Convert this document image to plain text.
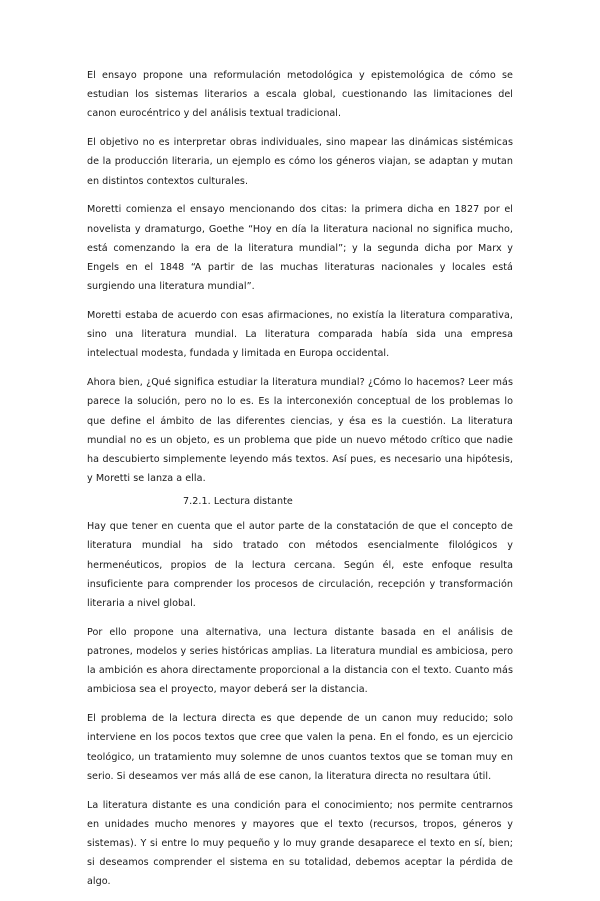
El ensayo propone una reformulación metodológica y epistemológica de cómo se estudian los sistemas literarios a escala global, cuestionando las limitaciones del canon eurocéntrico y del análisis textual tradicional.

El objetivo no es interpretar obras individuales, sino mapear las dinámicas sistémicas de la producción literaria, un ejemplo es cómo los géneros viajan, se adaptan y mutan en distintos contextos culturales.

Moretti comienza el ensayo mencionando dos citas: la primera dicha en 1827 por el novelista y dramaturgo, Goethe “Hoy en día la literatura nacional no significa mucho, está comenzando la era de la literatura mundial”; y la segunda dicha por Marx y Engels en el 1848 “A partir de las muchas literaturas nacionales y locales está surgiendo una literatura mundial”.

Moretti estaba de acuerdo con esas afirmaciones, no existía la literatura comparativa, sino una literatura mundial. La literatura comparada había sida una empresa intelectual modesta, fundada y limitada en Europa occidental.

Ahora bien, ¿Qué significa estudiar la literatura mundial? ¿Cómo lo hacemos? Leer más parece la solución, pero no lo es. Es la interconexión conceptual de los problemas lo que define el ámbito de las diferentes ciencias, y ésa es la cuestión. La literatura mundial no es un objeto, es un problema que pide un nuevo método crítico que nadie ha descubierto simplemente leyendo más textos. Así pues, es necesario una hipótesis, y Moretti se lanza a ella.

7.2.1. Lectura distante

Hay que tener en cuenta que el autor parte de la constatación de que el concepto de literatura mundial ha sido tratado con métodos esencialmente filológicos y hermenéuticos, propios de la lectura cercana. Según él, este enfoque resulta insuficiente para comprender los procesos de circulación, recepción y transformación literaria a nivel global.

Por ello propone una alternativa, una lectura distante basada en el análisis de patrones, modelos y series históricas amplias. La literatura mundial es ambiciosa, pero la ambición es ahora directamente proporcional a la distancia con el texto. Cuanto más ambiciosa sea el proyecto, mayor deberá ser la distancia.

El problema de la lectura directa es que depende de un canon muy reducido; solo interviene en los pocos textos que cree que valen la pena. En el fondo, es un ejercicio teológico, un tratamiento muy solemne de unos cuantos textos que se toman muy en serio. Si deseamos ver más allá de ese canon, la literatura directa no resultara útil.

La literatura distante es una condición para el conocimiento; nos permite centrarnos en unidades mucho menores y mayores que el texto (recursos, tropos, géneros y sistemas). Y si entre lo muy pequeño y lo muy grande desaparece el texto en sí, bien; si deseamos comprender el sistema en su totalidad, debemos aceptar la pérdida de algo.
